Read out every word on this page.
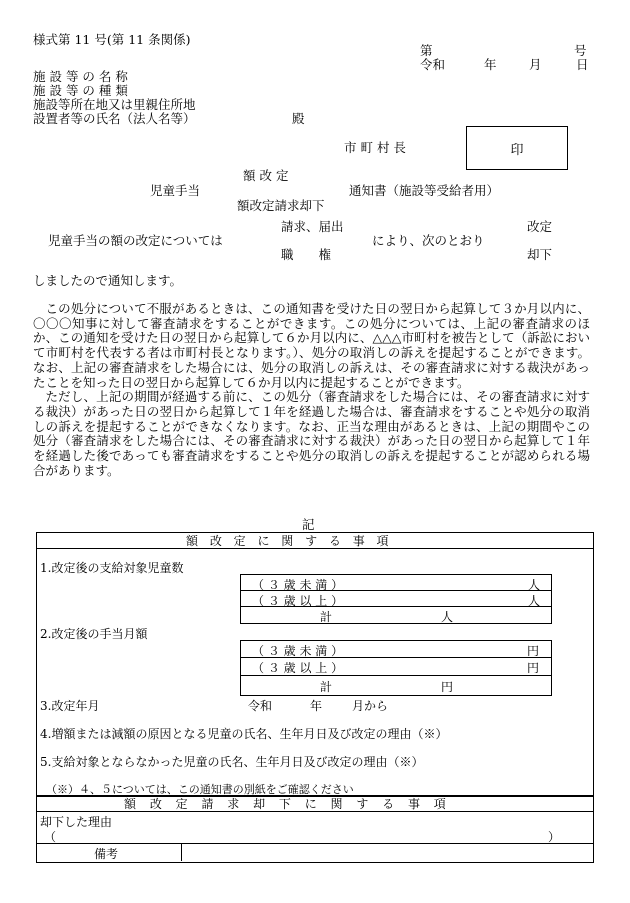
様式第 11 号(第 11 条関係)
第	号
令和	年	月	日
施 設 等 の 名 称
施 設 等 の 種 類
施設等所在地又は里親住所地
設置者等の氏名（法人名等）	殿
市 町 村 長	印
額 改 定
児童手当	通知書（施設等受給者用）
額改定請求却下
請求、届出	改定
児童手当の額の改定については	により、次のとおり
職　　権	却下
しましたので通知します。

この処分について不服があるときは、この通知書を受けた日の翌日から起算して３か月以内に、〇〇〇知事に対して審査請求をすることができます。この処分については、上記の審査請求のほか、この通知を受けた日の翌日から起算して６か月以内に、△△△市町村を被告として（訴訟において市町村を代表する者は市町村長となります。）、処分の取消しの訴えを提起することができます。なお、上記の審査請求をした場合には、処分の取消しの訴えは、その審査請求に対する裁決があったことを知った日の翌日から起算して６か月以内に提起することができます。

ただし、上記の期間が経過する前に、この処分（審査請求をした場合には、その審査請求に対する裁決）があった日の翌日から起算して１年を経過した場合は、審査請求をすることや処分の取消しの訴えを提起することができなくなります。なお、正当な理由があるときは、上記の期間やこの処分（審査請求をした場合には、その審査請求に対する裁決）があった日の翌日から起算して１年を経過した後であっても審査請求をすることや処分の取消しの訴えを提起することが認められる場合があります。

記
額 改 定 に 関 す る 事 項
1.改定後の支給対象児童数
（ ３ 歳 未 満 ）	人
（ ３ 歳 以 上 ）	人
計	人
2.改定後の手当月額
（ ３ 歳 未 満 ）	円
（ ３ 歳 以 上 ）	円
計	円
3.改定年月	令和	年 月から
4.増額または減額の原因となる児童の氏名、生年月日及び改定の理由（※）
5.支給対象とならなかった児童の氏名、生年月日及び改定の理由（※）
（※）４、５については、この通知書の別紙をご確認ください
額 改 定 請 求 却 下 に 関 す る 事 項
却下した理由
（	）
備考
